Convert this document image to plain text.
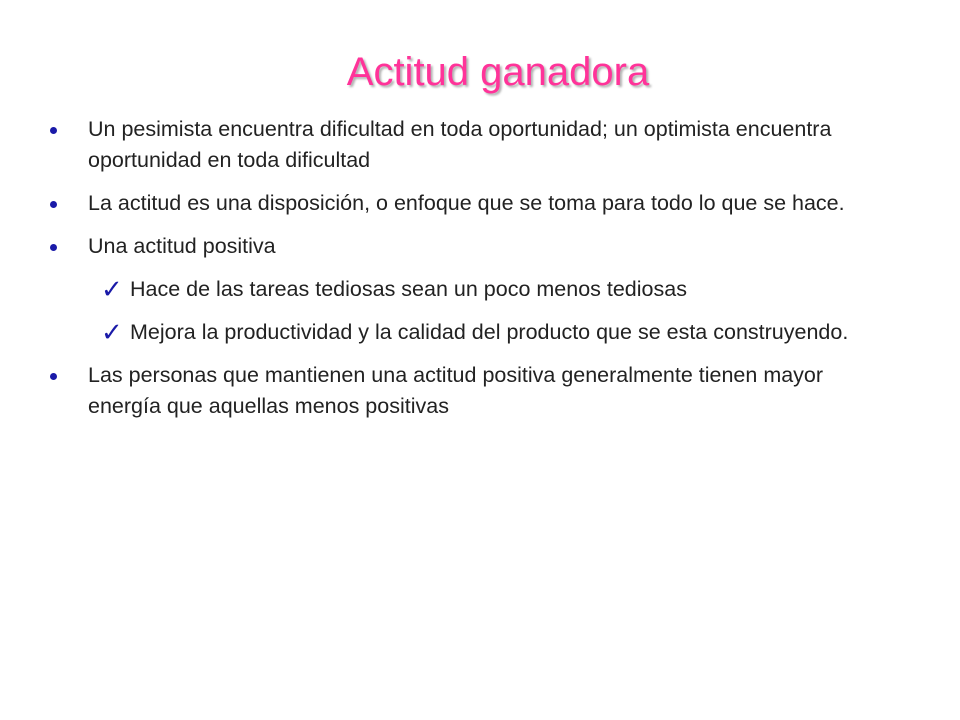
Actitud ganadora
Un pesimista encuentra dificultad en toda oportunidad; un optimista encuentra oportunidad en toda dificultad
La actitud es una disposición, o enfoque que se toma para todo lo que se hace.
Una actitud positiva
✓ Hace de las tareas tediosas sean un poco menos tediosas
✓ Mejora la productividad y la calidad del producto que se esta construyendo.
Las personas que mantienen una actitud positiva generalmente tienen mayor energía que aquellas menos positivas
